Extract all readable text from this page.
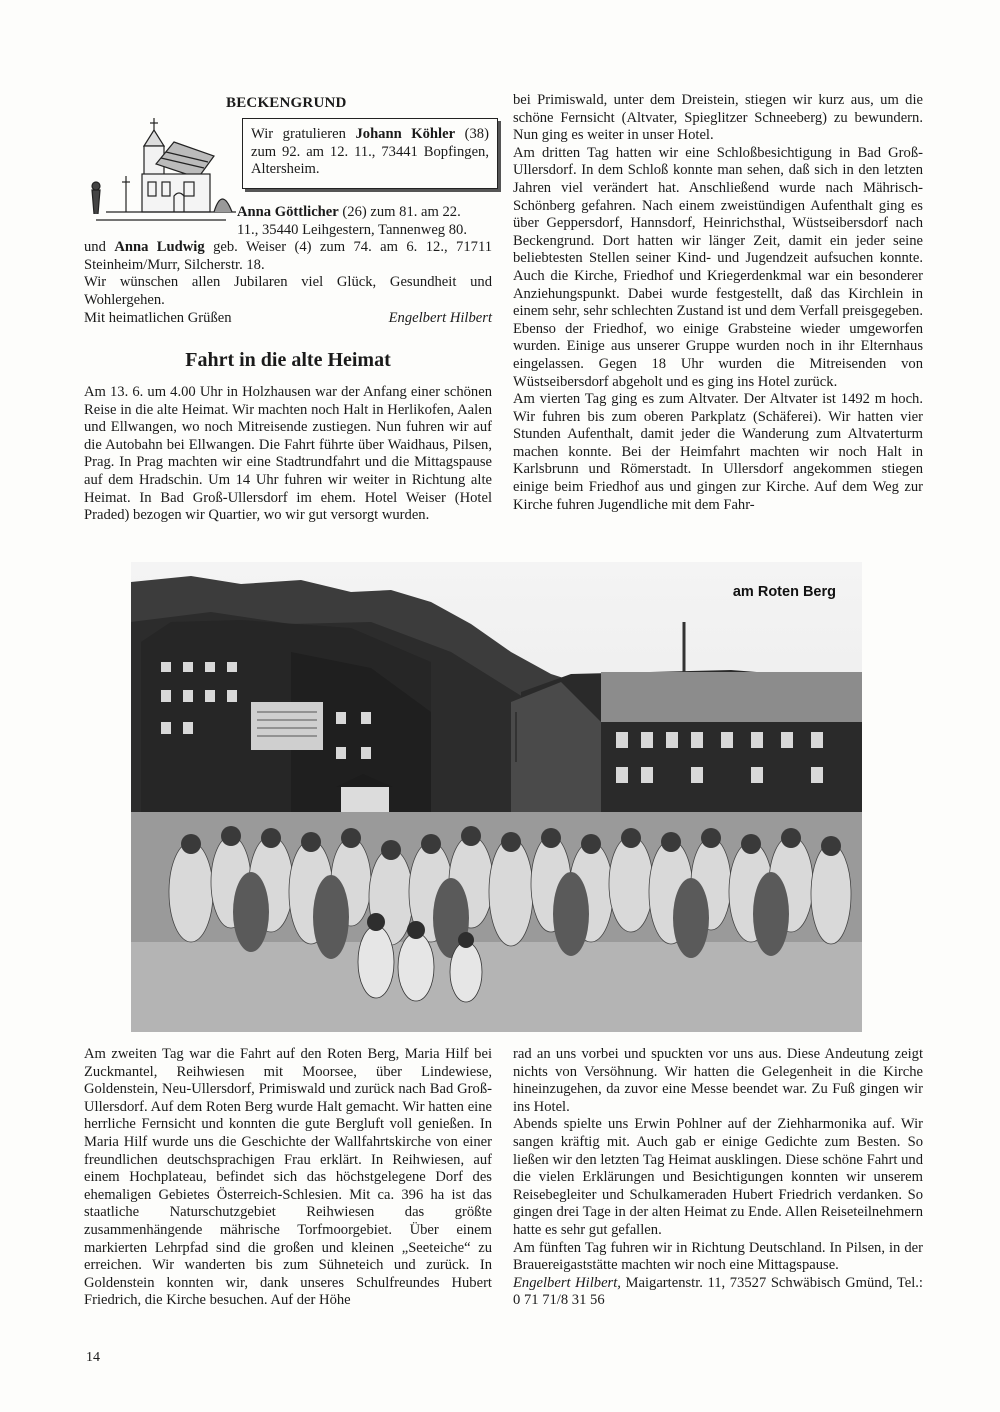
BECKENGRUND
Wir gratulieren Johann Köhler (38) zum 92. am 12. 11., 73441 Bopfingen, Altersheim.

Anna Göttlicher (26) zum 81. am 22.

11., 35440 Leihgestern, Tannenweg 80.

und Anna Ludwig geb. Weiser (4) zum 74. am 6. 12., 71711 Steinheim/Murr, Silcherstr. 18.

Wir wünschen allen Jubilaren viel Glück, Gesundheit und Wohlergehen.

Mit heimatlichen Grüßen	Engelbert Hilbert

Fahrt in die alte Heimat

Am 13. 6. um 4.00 Uhr in Holzhausen war der Anfang einer schönen Reise in die alte Heimat. Wir machten noch Halt in Herlikofen, Aalen und Ellwangen, wo noch Mitreisende zustiegen. Nun fuhren wir auf die Autobahn bei Ellwangen. Die Fahrt führte über Waidhaus, Pilsen, Prag. In Prag machten wir eine Stadtrundfahrt und die Mittagspause auf dem Hradschin. Um 14 Uhr fuhren wir weiter in Richtung alte Heimat. In Bad Groß-Ullersdorf im ehem. Hotel Weiser (Hotel Praded) bezogen wir Quartier, wo wir gut versorgt wurden.

bei Primiswald, unter dem Dreistein, stiegen wir kurz aus, um die schöne Fernsicht (Altvater, Spieglitzer Schneeberg) zu bewundern. Nun ging es weiter in unser Hotel.

Am dritten Tag hatten wir eine Schloßbesichtigung in Bad Groß-Ullersdorf. In dem Schloß konnte man sehen, daß sich in den letzten Jahren viel verändert hat. Anschließend wurde nach Mährisch-Schönberg gefahren. Nach einem zweistündigen Aufenthalt ging es über Geppersdorf, Hannsdorf, Heinrichsthal, Wüstseibersdorf nach Beckengrund. Dort hatten wir länger Zeit, damit ein jeder seine beliebtesten Stellen seiner Kind- und Jugendzeit aufsuchen konnte. Auch die Kirche, Friedhof und Kriegerdenkmal war ein besonderer Anziehungspunkt. Dabei wurde festgestellt, daß das Kirchlein in einem sehr, sehr schlechten Zustand ist und dem Verfall preisgegeben. Ebenso der Friedhof, wo einige Grabsteine wieder umgeworfen wurden. Einige aus unserer Gruppe wurden noch in ihr Elternhaus eingelassen. Gegen 18 Uhr wurden die Mitreisenden von Wüstseibersdorf abgeholt und es ging ins Hotel zurück.

Am vierten Tag ging es zum Altvater. Der Altvater ist 1492 m hoch. Wir fuhren bis zum oberen Parkplatz (Schäferei). Wir hatten vier Stunden Aufenthalt, damit jeder die Wanderung zum Altvaterturm machen konnte. Bei der Heimfahrt machten wir noch Halt in Karlsbrunn und Römerstadt. In Ullersdorf angekommen stiegen einige beim Friedhof aus und gingen zur Kirche. Auf dem Weg zur Kirche fuhren Jugendliche mit dem Fahr-

am Roten Berg

Am zweiten Tag war die Fahrt auf den Roten Berg, Maria Hilf bei Zuckmantel, Reihwiesen mit Moorsee, über Lindewiese, Goldenstein, Neu-Ullersdorf, Primiswald und zurück nach Bad Groß-Ullersdorf. Auf dem Roten Berg wurde Halt gemacht. Wir hatten eine herrliche Fernsicht und konnten die gute Bergluft voll genießen. In Maria Hilf wurde uns die Geschichte der Wallfahrtskirche von einer freundlichen deutschsprachigen Frau erklärt. In Reihwiesen, auf einem Hochplateau, befindet sich das höchstgelegene Dorf des ehemaligen Gebietes Österreich-Schlesien. Mit ca. 396 ha ist das staatliche Naturschutzgebiet Reihwiesen das größte zusammenhängende mährische Torfmoorgebiet. Über einem markierten Lehrpfad sind die großen und kleinen „Seeteiche“ zu erreichen. Wir wanderten bis zum Sühneteich und zurück. In Goldenstein konnten wir, dank unseres Schulfreundes Hubert Friedrich, die Kirche besuchen. Auf der Höhe

rad an uns vorbei und spuckten vor uns aus. Diese Andeutung zeigt nichts von Versöhnung. Wir hatten die Gelegenheit in die Kirche hineinzugehen, da zuvor eine Messe beendet war. Zu Fuß gingen wir ins Hotel.

Abends spielte uns Erwin Pohlner auf der Ziehharmonika auf. Wir sangen kräftig mit. Auch gab er einige Gedichte zum Besten. So ließen wir den letzten Tag Heimat ausklingen. Diese schöne Fahrt und die vielen Erklärungen und Besichtigungen konnten wir unserem Reisebegleiter und Schulkameraden Hubert Friedrich verdanken. So gingen drei Tage in der alten Heimat zu Ende. Allen Reiseteilnehmern hatte es sehr gut gefallen.

Am fünften Tag fuhren wir in Richtung Deutschland. In Pilsen, in der Brauereigaststätte machten wir noch eine Mittagspause.

Engelbert Hilbert, Maigartenstr. 11, 73527 Schwäbisch Gmünd, Tel.: 0 71 71/8 31 56

14
